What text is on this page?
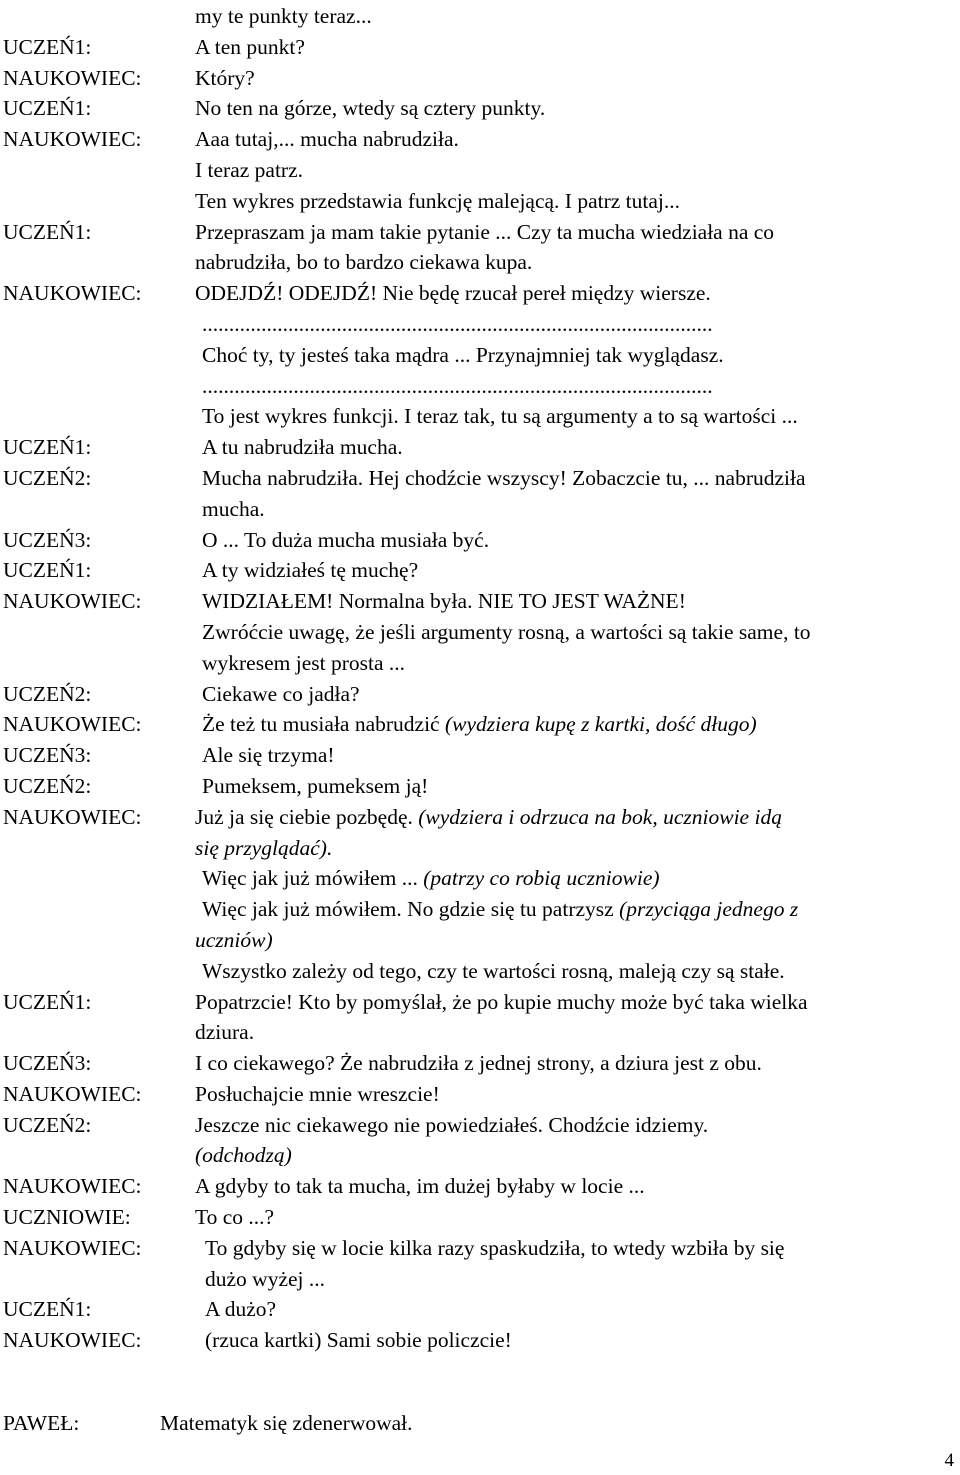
my te punkty teraz...
UCZEŃ1:	A ten punkt?
NAUKOWIEC: Który?
UCZEŃ1:	No ten na górze, wtedy są cztery punkty.
NAUKOWIEC: Aaa tutaj,... mucha nabrudziła.
I teraz patrz.
Ten wykres przedstawia funkcję malejącą. I patrz tutaj...
UCZEŃ1:	Przepraszam ja mam takie pytanie ... Czy ta mucha wiedziała na co
nabrudziła, bo to bardzo ciekawa kupa.
NAUKOWIEC: ODEJDŹ! ODEJDŹ! Nie będę rzucał pereł między wiersze.
...............................................................................................
Choć ty, ty jesteś taka mądra ... Przynajmniej tak wyglądasz.
...............................................................................................
To jest wykres funkcji. I teraz tak, tu są argumenty a to są wartości ...
UCZEŃ1:	A tu nabrudziła mucha.
UCZEŃ2:	Mucha nabrudziła. Hej chodźcie wszyscy! Zobaczcie tu, ... nabrudziła
mucha.
UCZEŃ3:	O ... To duża mucha musiała być.
UCZEŃ1:	A ty widziałeś tę muchę?
NAUKOWIEC:	WIDZIAŁEM! Normalna była. NIE TO JEST WAŻNE!
Zwróćcie uwagę, że jeśli argumenty rosną, a wartości są takie same, to
wykresem jest prosta ...
UCZEŃ2:	Ciekawe co jadła?
NAUKOWIEC:	Że też tu musiała nabrudzić (wydziera kupę z kartki, dość długo)
UCZEŃ3:	Ale się trzyma!
UCZEŃ2:	Pumeksem, pumeksem ją!
NAUKOWIEC: Już ja się ciebie pozbędę. (wydziera i odrzuca na bok, uczniowie idą
się przyglądać).
Więc jak już mówiłem ... (patrzy co robią uczniowie)
Więc jak już mówiłem. No gdzie się tu patrzysz (przyciąga jednego z
uczniów)
Wszystko zależy od tego, czy te wartości rosną, maleją czy są stałe.
UCZEŃ1:	Popatrzcie! Kto by pomyślał, że po kupie muchy może być taka wielka
dziura.
UCZEŃ3:	I co ciekawego? Że nabrudziła z jednej strony, a dziura jest z obu.
NAUKOWIEC: Posłuchajcie mnie wreszcie!
UCZEŃ2:	Jeszcze nic ciekawego nie powiedziałeś. Chodźcie idziemy.
(odchodzą)
NAUKOWIEC: A gdyby to tak ta mucha, im dużej byłaby w locie ...
UCZNIOWIE:	To co ...?
NAUKOWIEC:	To gdyby się w locie kilka razy spaskudziła, to wtedy wzbiła by się
dużo wyżej ...
UCZEŃ1:	A dużo?
NAUKOWIEC:	(rzuca kartki) Sami sobie policzcie!
PAWEŁ:	Matematyk się zdenerwował.
4
